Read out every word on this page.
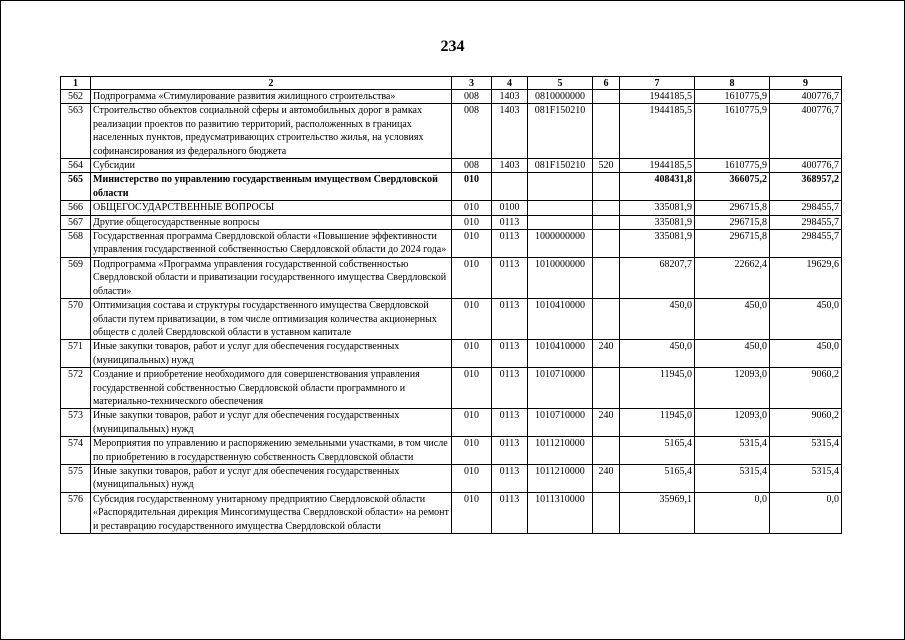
234
1	2	3	4	5	6	7	8	9
562	Подпрограмма «Стимулирование развития жилищного строительства»	008	1403	0810000000		1944185,5	1610775,9	400776,7
563	Строительство объектов социальной сферы и автомобильных дорог в рамках реализации проектов по развитию территорий, расположенных в границах населенных пунктов, предусматривающих строительство жилья, на условиях софинансирования из федерального бюджета	008	1403	081F150210		1944185,5	1610775,9	400776,7
564	Субсидии	008	1403	081F150210	520	1944185,5	1610775,9	400776,7
565	Министерство по управлению государственным имуществом Свердловской области	010				408431,8	366075,2	368957,2
566	ОБЩЕГОСУДАРСТВЕННЫЕ ВОПРОСЫ	010	0100			335081,9	296715,8	298455,7
567	Другие общегосударственные вопросы	010	0113			335081,9	296715,8	298455,7
568	Государственная программа Свердловской области «Повышение эффективности управления государственной собственностью Свердловской области до 2024 года»	010	0113	1000000000		335081,9	296715,8	298455,7
569	Подпрограмма «Программа управления государственной собственностью Свердловской области и приватизации государственного имущества Свердловской области»	010	0113	1010000000		68207,7	22662,4	19629,6
570	Оптимизация состава и структуры государственного имущества Свердловской области путем приватизации, в том числе оптимизация количества акционерных обществ с долей Свердловской области в уставном капитале	010	0113	1010410000		450,0	450,0	450,0
571	Иные закупки товаров, работ и услуг для обеспечения государственных (муниципальных) нужд	010	0113	1010410000	240	450,0	450,0	450,0
572	Создание и приобретение необходимого для совершенствования управления государственной собственностью Свердловской области программного и материально-технического обеспечения	010	0113	1010710000		11945,0	12093,0	9060,2
573	Иные закупки товаров, работ и услуг для обеспечения государственных (муниципальных) нужд	010	0113	1010710000	240	11945,0	12093,0	9060,2
574	Мероприятия по управлению и распоряжению земельными участками, в том числе по приобретению в государственную собственность Свердловской области	010	0113	1011210000		5165,4	5315,4	5315,4
575	Иные закупки товаров, работ и услуг для обеспечения государственных (муниципальных) нужд	010	0113	1011210000	240	5165,4	5315,4	5315,4
576	Субсидия государственному унитарному предприятию Свердловской области «Распорядительная дирекция Минсогимущества Свердловской области» на ремонт и реставрацию государственного имущества Свердловской области	010	0113	1011310000		35969,1	0,0	0,0
